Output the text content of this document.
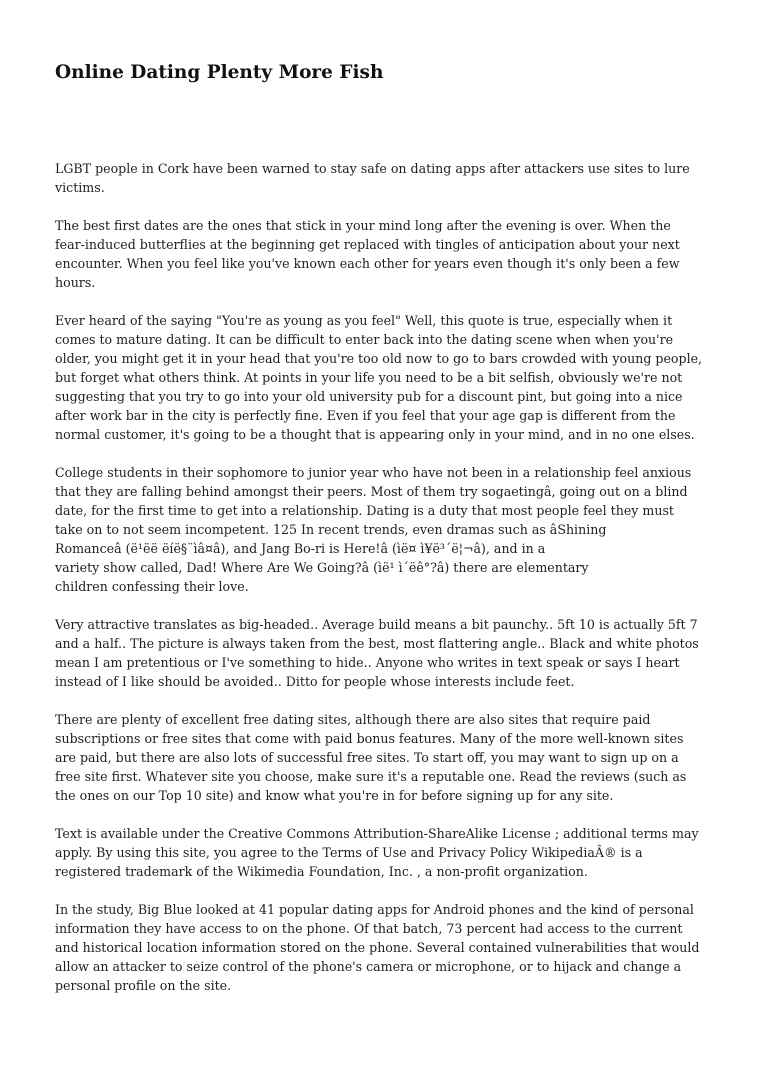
Online Dating Plenty More Fish

LGBT people in Cork have been warned to stay safe on dating apps after attackers use sites to lure
victims.

The best first dates are the ones that stick in your mind long after the evening is over. When the
fear-induced butterflies at the beginning get replaced with tingles of anticipation about your next
encounter. When you feel like you've known each other for years even though it's only been a few
hours.

Ever heard of the saying "You're as young as you feel" Well, this quote is true, especially when it
comes to mature dating. It can be difficult to enter back into the dating scene when when you're
older, you might get it in your head that you're too old now to go to bars crowded with young people,
but forget what others think. At points in your life you need to be a bit selfish, obviously we're not
suggesting that you try to go into your old university pub for a discount pint, but going into a nice
after work bar in the city is perfectly fine. Even if you feel that your age gap is different from the
normal customer, it's going to be a thought that is appearing only in your mind, and in no one elses.

College students in their sophomore to junior year who have not been in a relationship feel anxious
that they are falling behind amongst their peers. Most of them try sogaetingâ, going out on a blind
date, for the first time to get into a relationship. Dating is a duty that most people feel they must
take on to not seem incompetent. 125 In recent trends, even dramas such as âShining
Romanceâ (ë¹ëë ëíë§¨ìâ¤â), and Jang Bo-ri is Here!â (ìë¤ ì¥ë³´ë¦¬â), and in a
variety show called, Dad! Where Are We Going?â (ìë¹ ì´ëê°?â) there are elementary
children confessing their love.

Very attractive translates as big-headed.. Average build means a bit paunchy.. 5ft 10 is actually 5ft 7
and a half.. The picture is always taken from the best, most flattering angle.. Black and white photos
mean I am pretentious or I've something to hide.. Anyone who writes in text speak or says I heart
instead of I like should be avoided.. Ditto for people whose interests include feet.

There are plenty of excellent free dating sites, although there are also sites that require paid
subscriptions or free sites that come with paid bonus features. Many of the more well-known sites
are paid, but there are also lots of successful free sites. To start off, you may want to sign up on a
free site first. Whatever site you choose, make sure it's a reputable one. Read the reviews (such as
the ones on our Top 10 site) and know what you're in for before signing up for any site.

Text is available under the Creative Commons Attribution-ShareAlike License ; additional terms may
apply. By using this site, you agree to the Terms of Use and Privacy Policy WikipediaÂ® is a
registered trademark of the Wikimedia Foundation, Inc. , a non-profit organization.

In the study, Big Blue looked at 41 popular dating apps for Android phones and the kind of personal
information they have access to on the phone. Of that batch, 73 percent had access to the current
and historical location information stored on the phone. Several contained vulnerabilities that would
allow an attacker to seize control of the phone's camera or microphone, or to hijack and change a
personal profile on the site.
